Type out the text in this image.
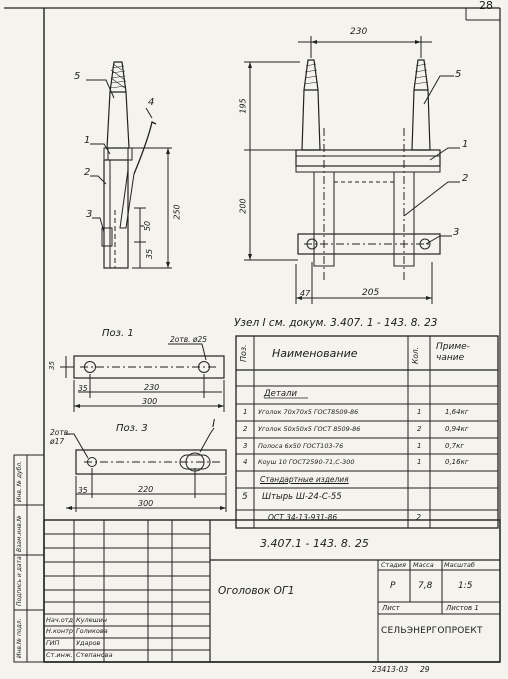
28
5
4
1
2
3	250
50
35
230
5
1
2
3
195
200
47	205
Узел I см. докум. 3.407. 1 - 143. 8. 23
Поз. 1
2отв. ø25
35
35	230
300
Поз. 3
2отв. ø17
I
35	220
300
Поз. Наименование	Кол. Приме- чание
Детали
1 Уголок 70х70х5 ГОСТ8509-86	1	1,64кг
2 Уголок 50х50х5 ГОСТ 8509-86	2	0,94кг
3 Полоса 6х50 ГОСТ103-76	1	0,7кг
4 Коуш 10 ГОСТ2590-71,С-300	1	0,16кг
Стандартные изделия
5 Штырь Ш-24-С-55
ОСТ 34-13-931-86	2
3.407.1 - 143. 8. 25
Оголовок ОГ1
Стадия Масса Масштаб
Р	7,8	1:5
Лист	Листов 1
СЕЛЬЭНЕРГОПРОЕКТ
Нач.отд. Кулешин
Н.контр. Голикова
ГИП	Ударов
Ст.инж. Степанова
Инв.№ подл.
Подпись и дата
Взам.инв.№
Инв. № дубл.
23413-03 29
